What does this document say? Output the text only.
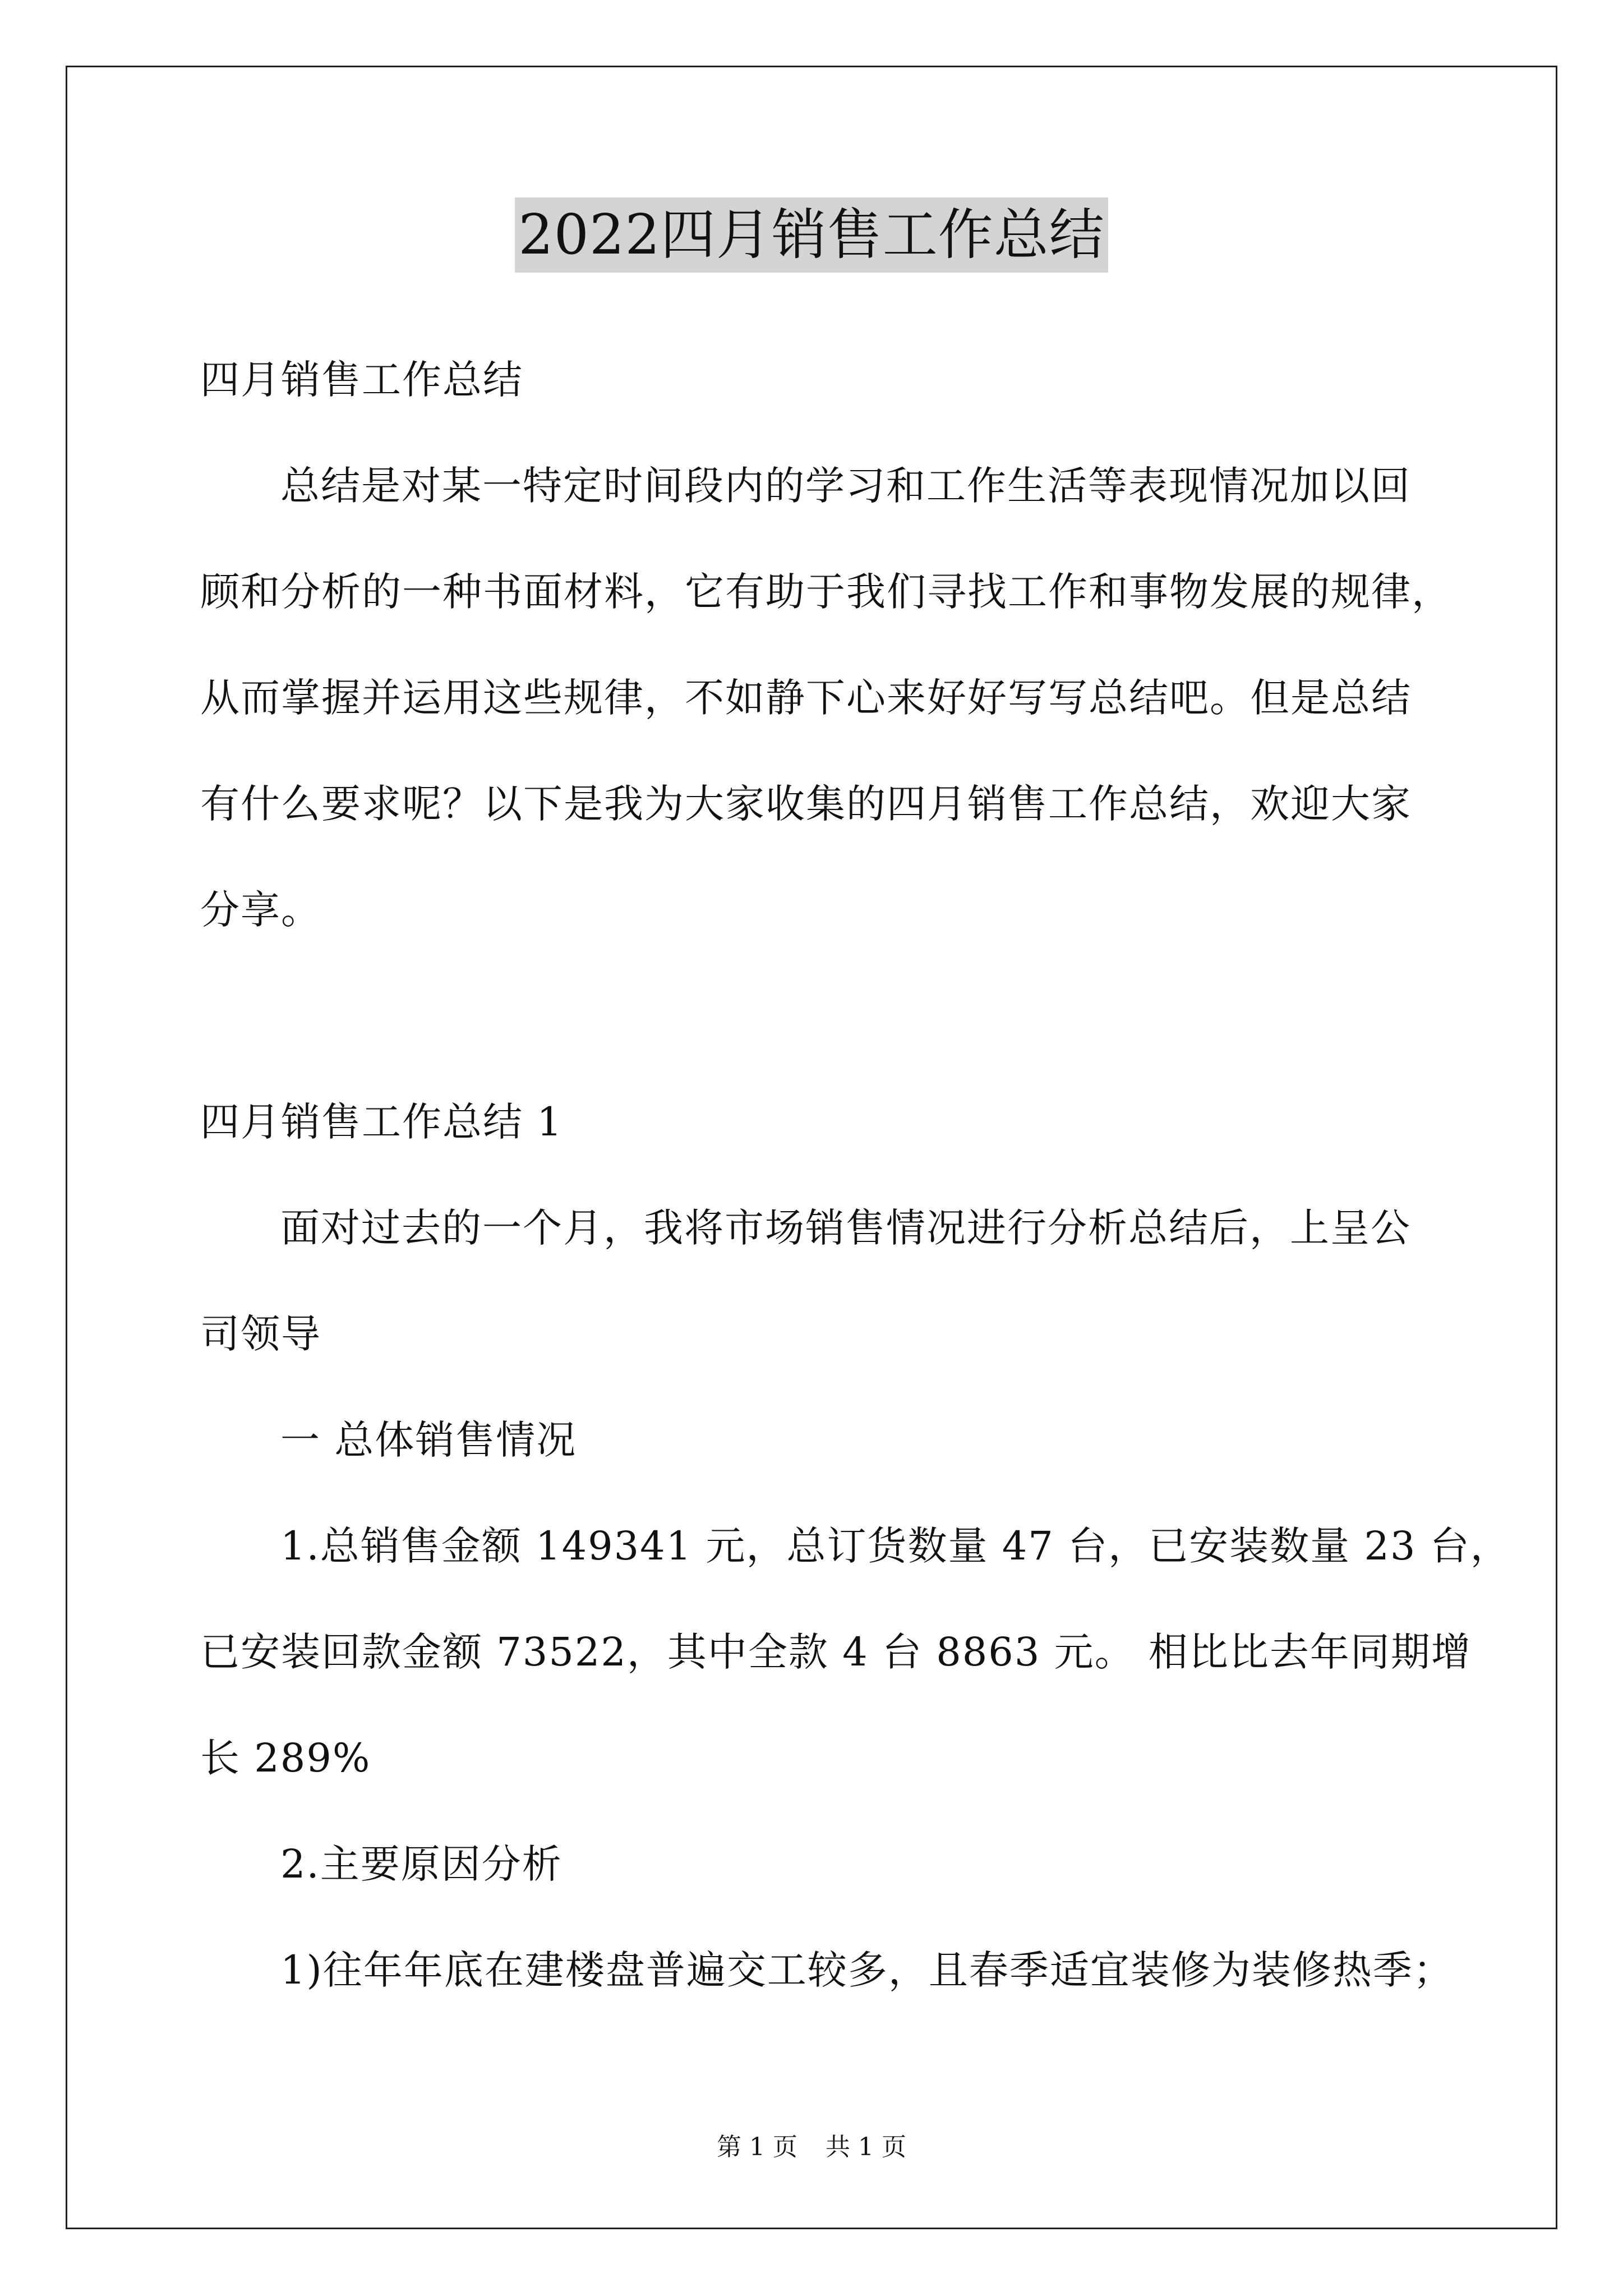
2022四月销售工作总结
四月销售工作总结
总结是对某一特定时间段内的学习和工作生活等表现情况加以回
顾和分析的一种书面材料，它有助于我们寻找工作和事物发展的规律，
从而掌握并运用这些规律，不如静下心来好好写写总结吧。但是总结
有什么要求呢？以下是我为大家收集的四月销售工作总结，欢迎大家
分享。
四月销售工作总结 1
面对过去的一个月，我将市场销售情况进行分析总结后，上呈公
司领导
一 总体销售情况
1.总销售金额 149341 元，总订货数量 47 台，已安装数量 23 台，
已安装回款金额 73522，其中全款 4 台 8863 元。 相比比去年同期增
长 289%
2.主要原因分析
1)往年年底在建楼盘普遍交工较多，且春季适宜装修为装修热季；
第 1 页 共 1 页
